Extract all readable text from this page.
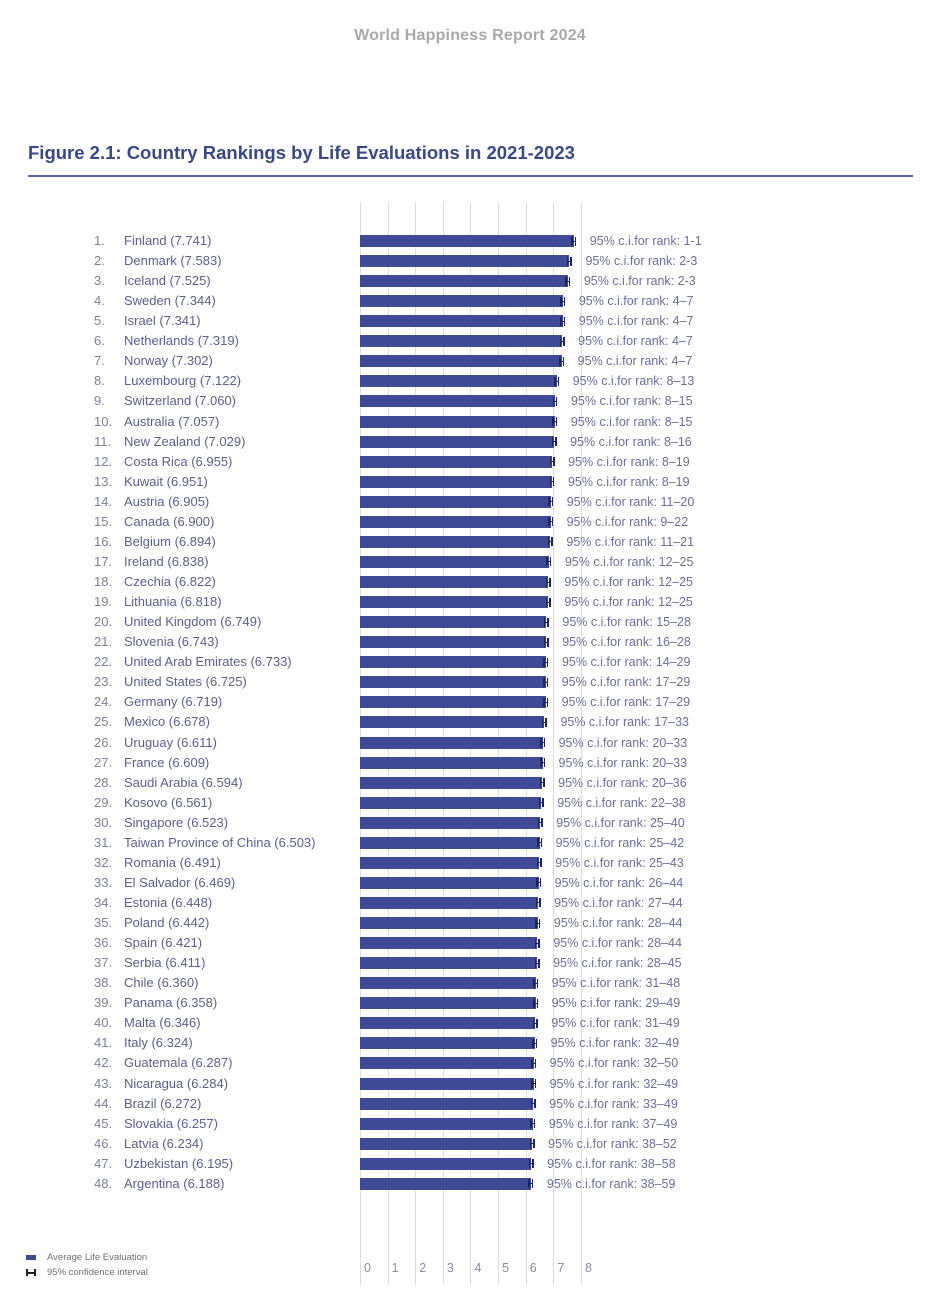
World Happiness Report 2024
Figure 2.1: Country Rankings by Life Evaluations in 2021-2023
0 1 2 3 4 5 6 7 8
1. Finland (7.741)	95% c.i.for rank: 1-1
2. Denmark (7.583)	95% c.i.for rank: 2-3
3. Iceland (7.525)	95% c.i.for rank: 2-3
4. Sweden (7.344)	95% c.i.for rank: 4–7
5. Israel (7.341)	95% c.i.for rank: 4–7
6. Netherlands (7.319)	95% c.i.for rank: 4–7
7. Norway (7.302)	95% c.i.for rank: 4–7
8. Luxembourg (7.122)	95% c.i.for rank: 8–13
9. Switzerland (7.060)	95% c.i.for rank: 8–15
10. Australia (7.057)	95% c.i.for rank: 8–15
11. New Zealand (7.029)	95% c.i.for rank: 8–16
12. Costa Rica (6.955)	95% c.i.for rank: 8–19
13. Kuwait (6.951)	95% c.i.for rank: 8–19
14. Austria (6.905)	95% c.i.for rank: 11–20
15. Canada (6.900)	95% c.i.for rank: 9–22
16. Belgium (6.894)	95% c.i.for rank: 11–21
17. Ireland (6.838)	95% c.i.for rank: 12–25
18. Czechia (6.822)	95% c.i.for rank: 12–25
19. Lithuania (6.818)	95% c.i.for rank: 12–25
20. United Kingdom (6.749)	95% c.i.for rank: 15–28
21. Slovenia (6.743)	95% c.i.for rank: 16–28
22. United Arab Emirates (6.733)	95% c.i.for rank: 14–29
23. United States (6.725)	95% c.i.for rank: 17–29
24. Germany (6.719)	95% c.i.for rank: 17–29
25. Mexico (6.678)	95% c.i.for rank: 17–33
26. Uruguay (6.611)	95% c.i.for rank: 20–33
27. France (6.609)	95% c.i.for rank: 20–33
28. Saudi Arabia (6.594)	95% c.i.for rank: 20–36
29. Kosovo (6.561)	95% c.i.for rank: 22–38
30. Singapore (6.523)	95% c.i.for rank: 25–40
31. Taiwan Province of China (6.503)	95% c.i.for rank: 25–42
32. Romania (6.491)	95% c.i.for rank: 25–43
33. El Salvador (6.469)	95% c.i.for rank: 26–44
34. Estonia (6.448)	95% c.i.for rank: 27–44
35. Poland (6.442)	95% c.i.for rank: 28–44
36. Spain (6.421)	95% c.i.for rank: 28–44
37. Serbia (6.411)	95% c.i.for rank: 28–45
38. Chile (6.360)	95% c.i.for rank: 31–48
39. Panama (6.358)	95% c.i.for rank: 29–49
40. Malta (6.346)	95% c.i.for rank: 31–49
41. Italy (6.324)	95% c.i.for rank: 32–49
42. Guatemala (6.287)	95% c.i.for rank: 32–50
43. Nicaragua (6.284)	95% c.i.for rank: 32–49
44. Brazil (6.272)	95% c.i.for rank: 33–49
45. Slovakia (6.257)	95% c.i.for rank: 37–49
46. Latvia (6.234)	95% c.i.for rank: 38–52
47. Uzbekistan (6.195)	95% c.i.for rank: 38–58
48. Argentina (6.188)	95% c.i.for rank: 38–59
Average Life Evaluation
95% confidence interval
